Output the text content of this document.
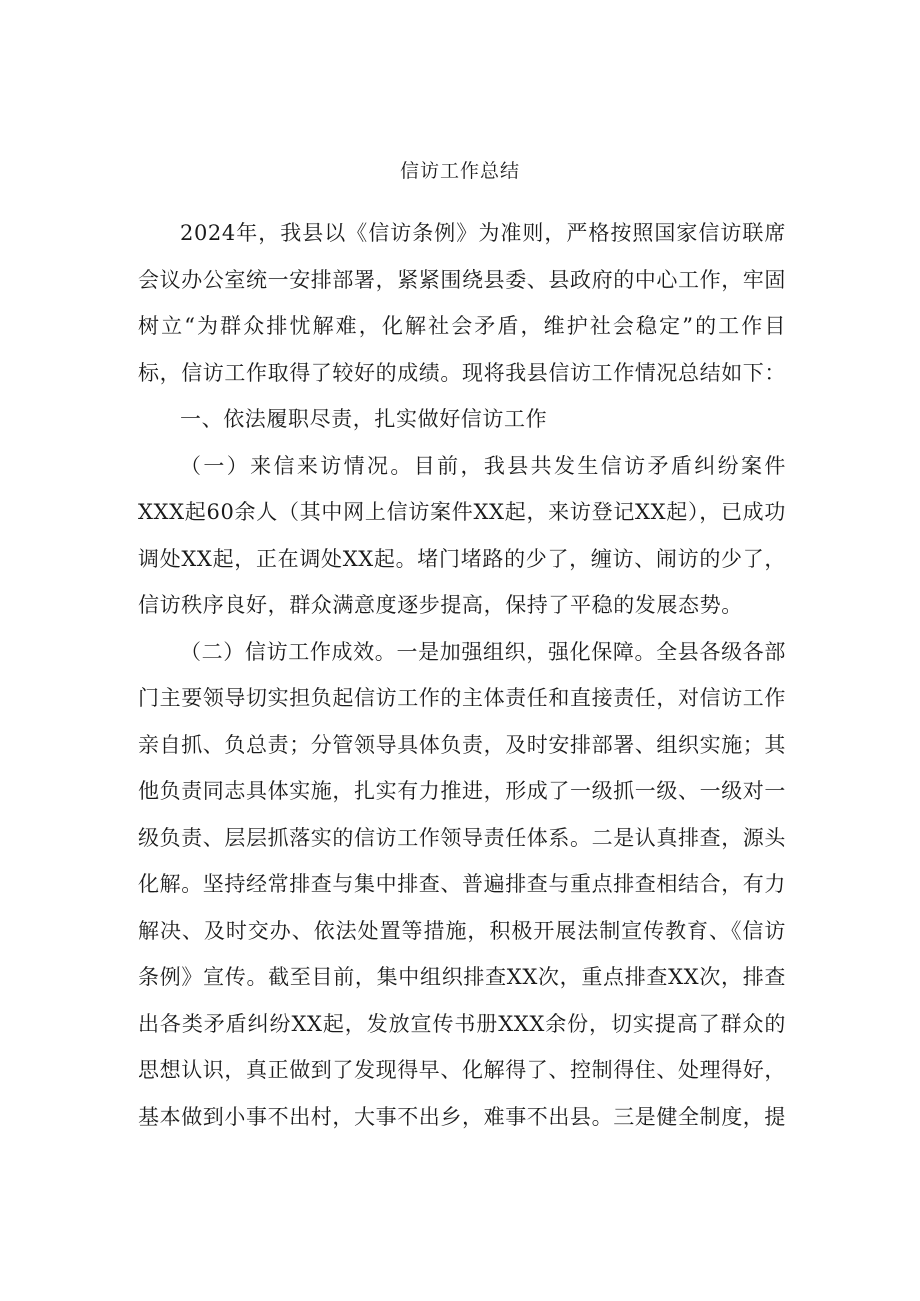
信访工作总结

2024年，我县以《信访条例》为准则，严格按照国家信访联席会议办公室统一安排部署，紧紧围绕县委、县政府的中心工作，牢固树立“为群众排忧解难，化解社会矛盾，维护社会稳定”的工作目标，信访工作取得了较好的成绩。现将我县信访工作情况总结如下：

一、依法履职尽责，扎实做好信访工作

（一）来信来访情况。目前，我县共发生信访矛盾纠纷案件XXX起60余人（其中网上信访案件XX起，来访登记XX起），已成功调处XX起，正在调处XX起。堵门堵路的少了，缠访、闹访的少了，信访秩序良好，群众满意度逐步提高，保持了平稳的发展态势。

（二）信访工作成效。一是加强组织，强化保障。全县各级各部门主要领导切实担负起信访工作的主体责任和直接责任，对信访工作亲自抓、负总责；分管领导具体负责，及时安排部署、组织实施；其他负责同志具体实施，扎实有力推进，形成了一级抓一级、一级对一级负责、层层抓落实的信访工作领导责任体系。二是认真排查，源头化解。坚持经常排查与集中排查、普遍排查与重点排查相结合，有力解决、及时交办、依法处置等措施，积极开展法制宣传教育、《信访条例》宣传。截至目前，集中组织排查XX次，重点排查XX次，排查出各类矛盾纠纷XX起，发放宣传书册XXX余份，切实提高了群众的思想认识，真正做到了发现得早、化解得了、控制得住、处理得好，基本做到小事不出村，大事不出乡，难事不出县。三是健全制度，提
